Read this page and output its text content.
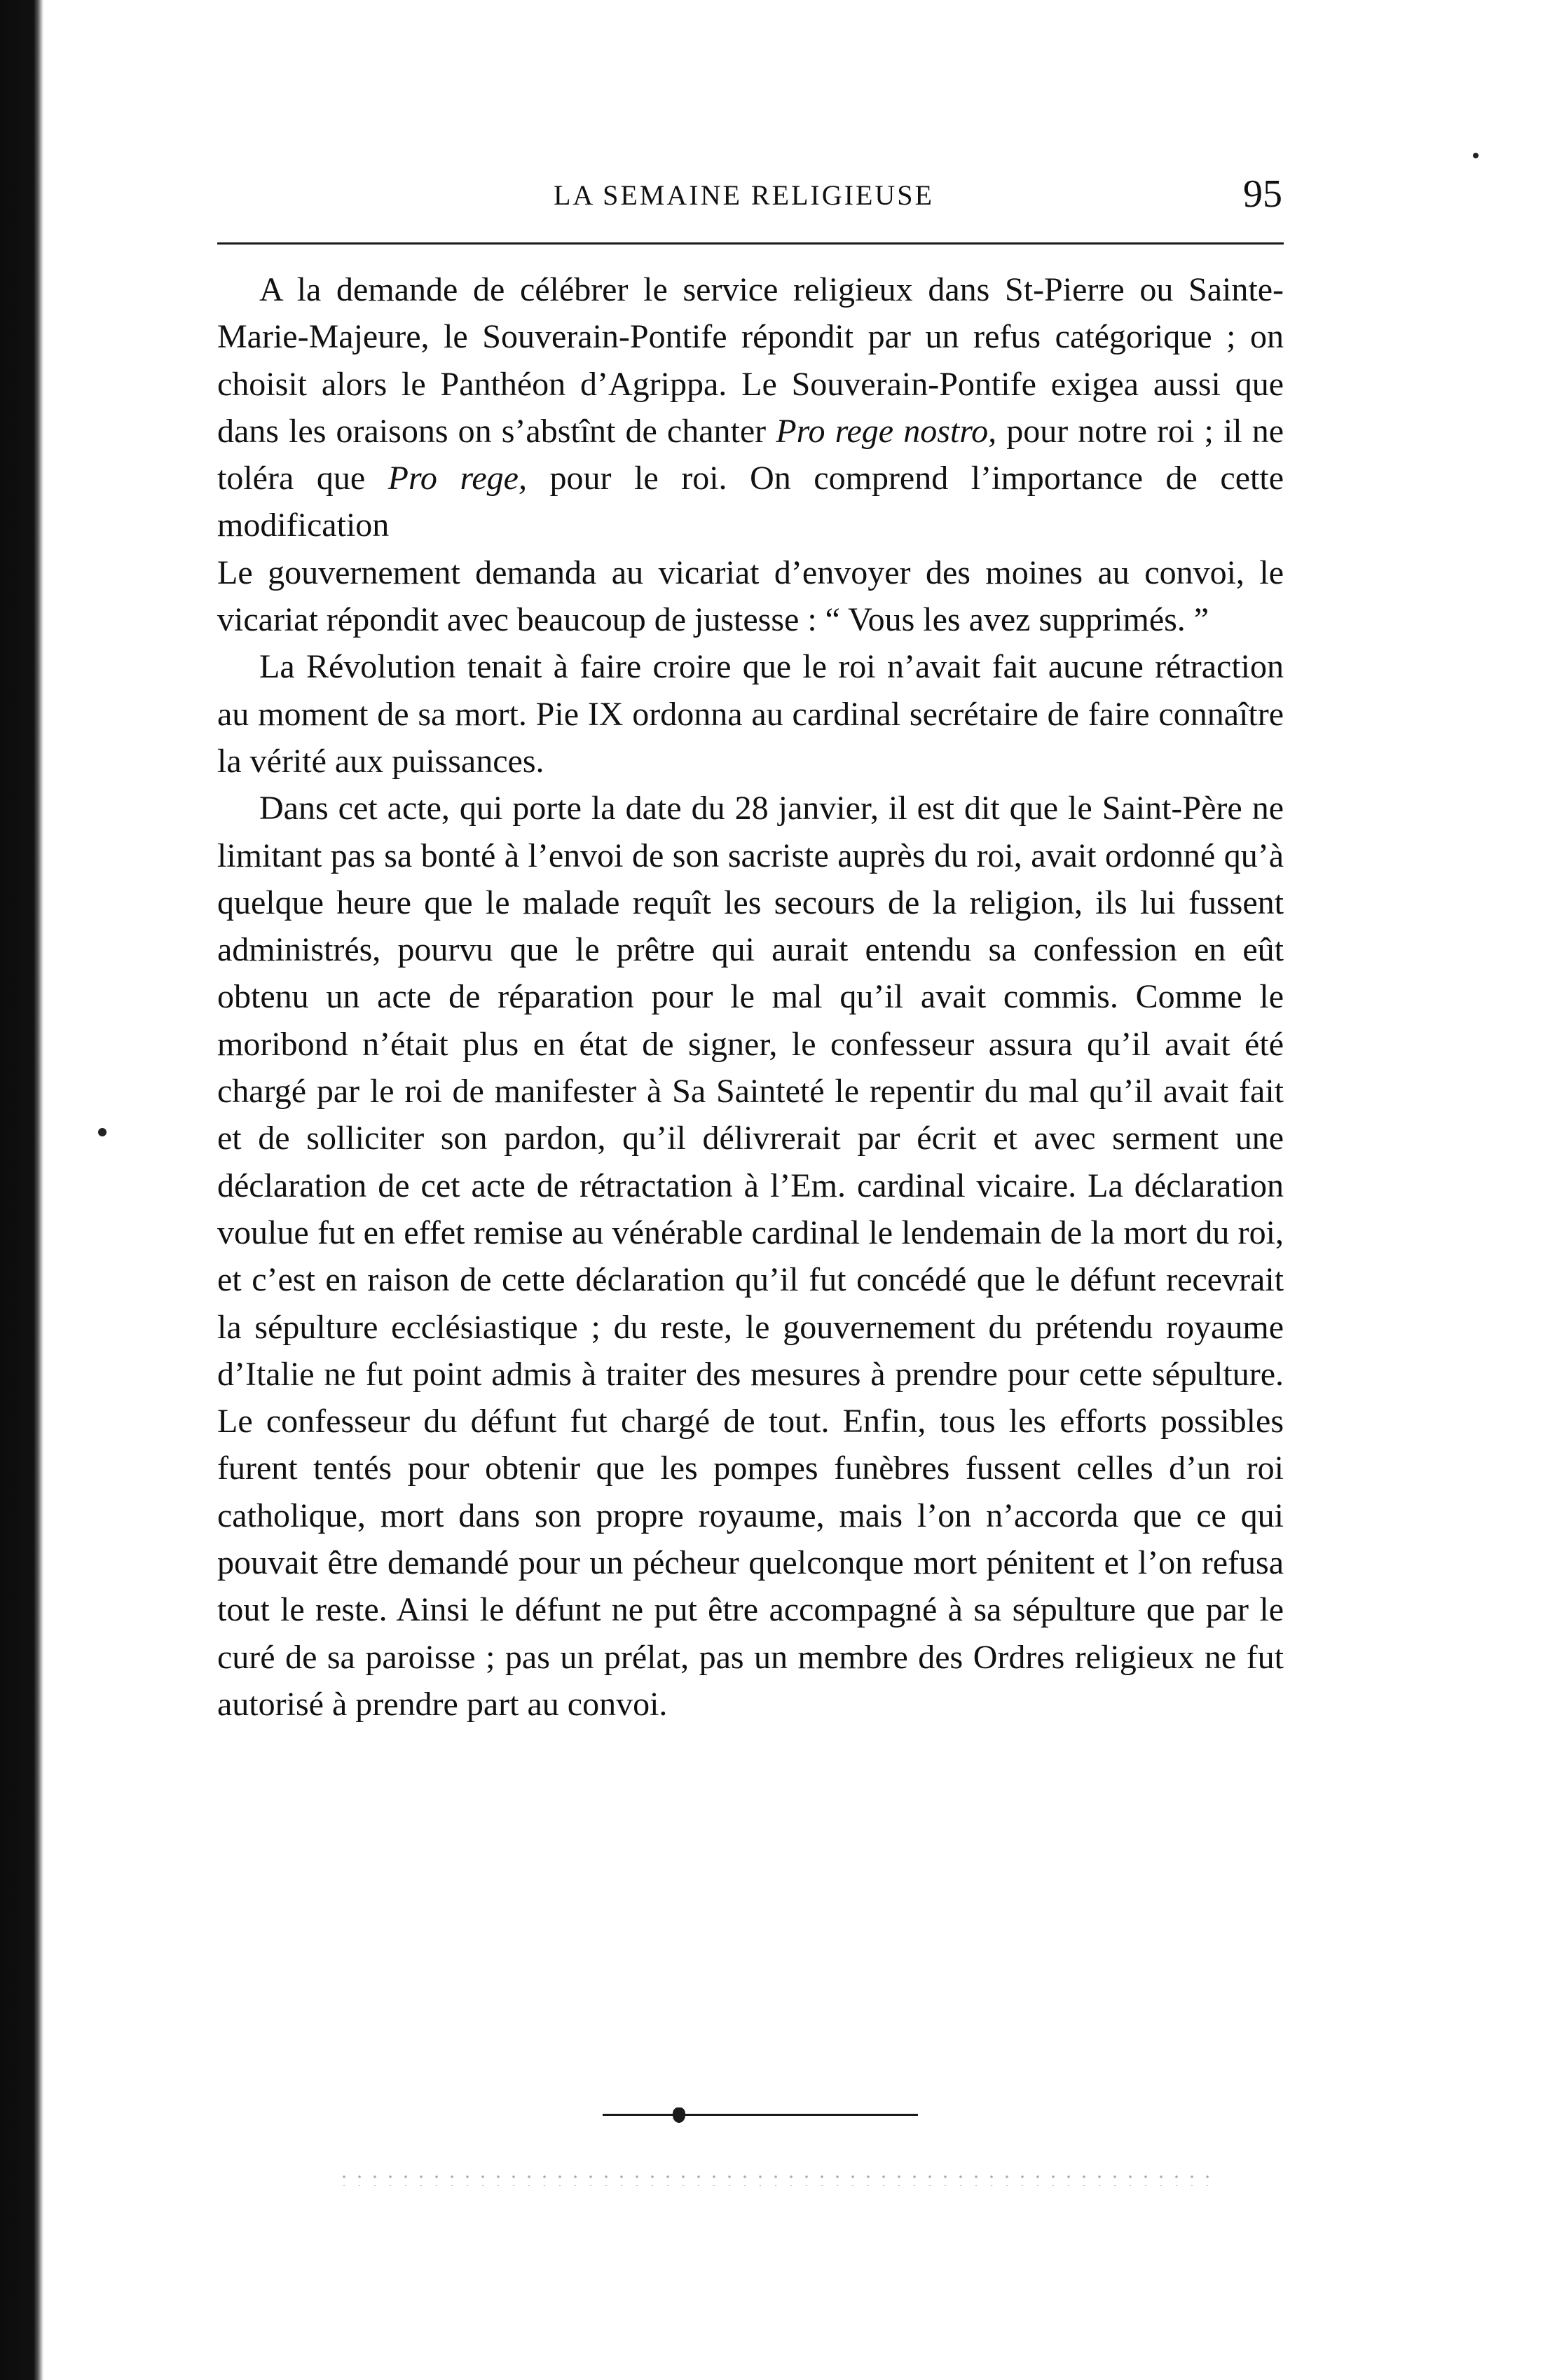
LA SEMAINE RELIGIEUSE	95

A la demande de célébrer le service religieux dans St-Pierre ou Sainte-Marie-Majeure, le Souverain-Pontife répondit par un refus catégorique ; on choisit alors le Panthéon d’Agrippa. Le Souverain-Pontife exigea aussi que dans les oraisons on s’abstînt de chanter Pro rege nostro, pour notre roi ; il ne toléra que Pro rege, pour le roi. On comprend l’importance de cette modification

Le gouvernement demanda au vicariat d’envoyer des moines au convoi, le vicariat répondit avec beaucoup de justesse : “ Vous les avez supprimés. ”

La Révolution tenait à faire croire que le roi n’avait fait aucune rétraction au moment de sa mort. Pie IX ordonna au cardinal secrétaire de faire connaître la vérité aux puissances.

Dans cet acte, qui porte la date du 28 janvier, il est dit que le Saint-Père ne limitant pas sa bonté à l’envoi de son sacriste auprès du roi, avait ordonné qu’à quelque heure que le malade requît les secours de la religion, ils lui fussent administrés, pourvu que le prêtre qui aurait entendu sa confession en eût obtenu un acte de réparation pour le mal qu’il avait commis. Comme le moribond n’était plus en état de signer, le confesseur assura qu’il avait été chargé par le roi de manifester à Sa Sainteté le repentir du mal qu’il avait fait et de solliciter son pardon, qu’il délivrerait par écrit et avec serment une déclaration de cet acte de rétractation à l’Em. cardinal vicaire. La déclaration voulue fut en effet remise au vénérable cardinal le lendemain de la mort du roi, et c’est en raison de cette déclaration qu’il fut concédé que le défunt recevrait la sépulture ecclésiastique ; du reste, le gouvernement du prétendu royaume d’Italie ne fut point admis à traiter des mesures à prendre pour cette sépulture. Le confesseur du défunt fut chargé de tout. Enfin, tous les efforts possibles furent tentés pour obtenir que les pompes funèbres fussent celles d’un roi catholique, mort dans son propre royaume, mais l’on n’accorda que ce qui pouvait être demandé pour un pécheur quelconque mort pénitent et l’on refusa tout le reste. Ainsi le défunt ne put être accompagné à sa sépulture que par le curé de sa paroisse ; pas un prélat, pas un membre des Ordres religieux ne fut autorisé à prendre part au convoi.
